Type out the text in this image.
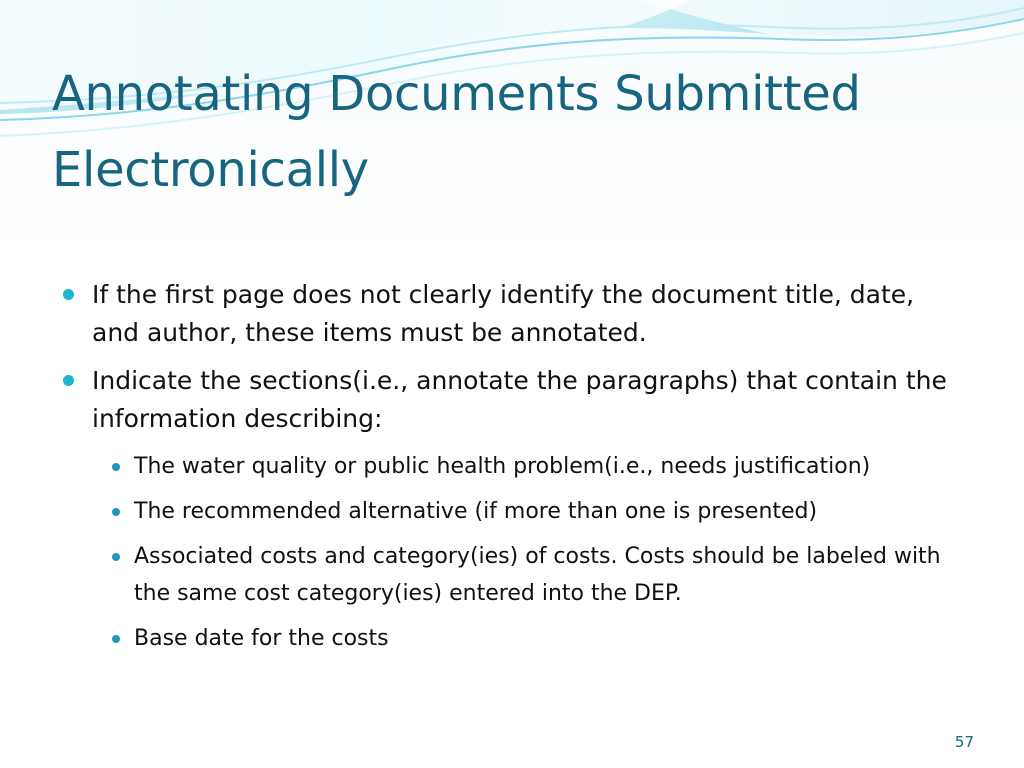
Annotating Documents Submitted Electronically
If the first page does not clearly identify the document title, date, and author, these items must be annotated.
Indicate the sections(i.e., annotate the paragraphs) that contain the information describing:
The water quality or public health problem(i.e., needs justification)
The recommended alternative (if more than one is presented)
Associated costs and category(ies) of costs. Costs should be labeled with the same cost category(ies) entered into the DEP.
Base date for the costs
57
